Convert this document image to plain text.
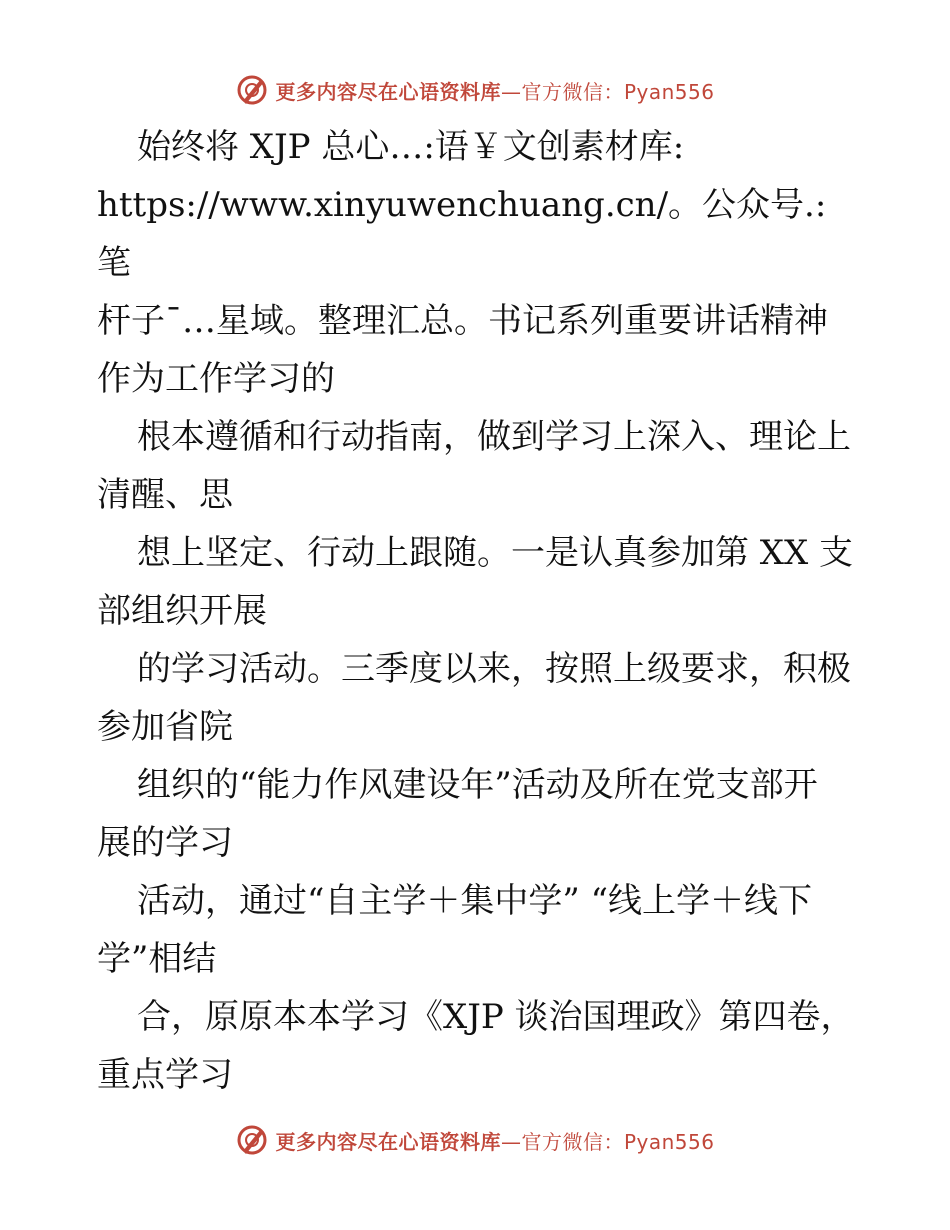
更多内容尽在心语资料库—官方微信：Pyan556

始终将 XJP 总心…:语￥文创素材库:

https://www.xinyuwenchuang.cn/。公众号.: 笔

杆子¯…星域。整理汇总。书记系列重要讲话精神

作为工作学习的

根本遵循和行动指南，做到学习上深入、理论上

清醒、思

想上坚定、行动上跟随。一是认真参加第 XX 支

部组织开展

的学习活动。三季度以来，按照上级要求，积极

参加省院

组织的“能力作风建设年”活动及所在党支部开

展的学习

活动，通过“自主学＋集中学” “线上学＋线下

学”相结

合，原原本本学习《XJP 谈治国理政》第四卷，

重点学习

更多内容尽在心语资料库—官方微信：Pyan556
